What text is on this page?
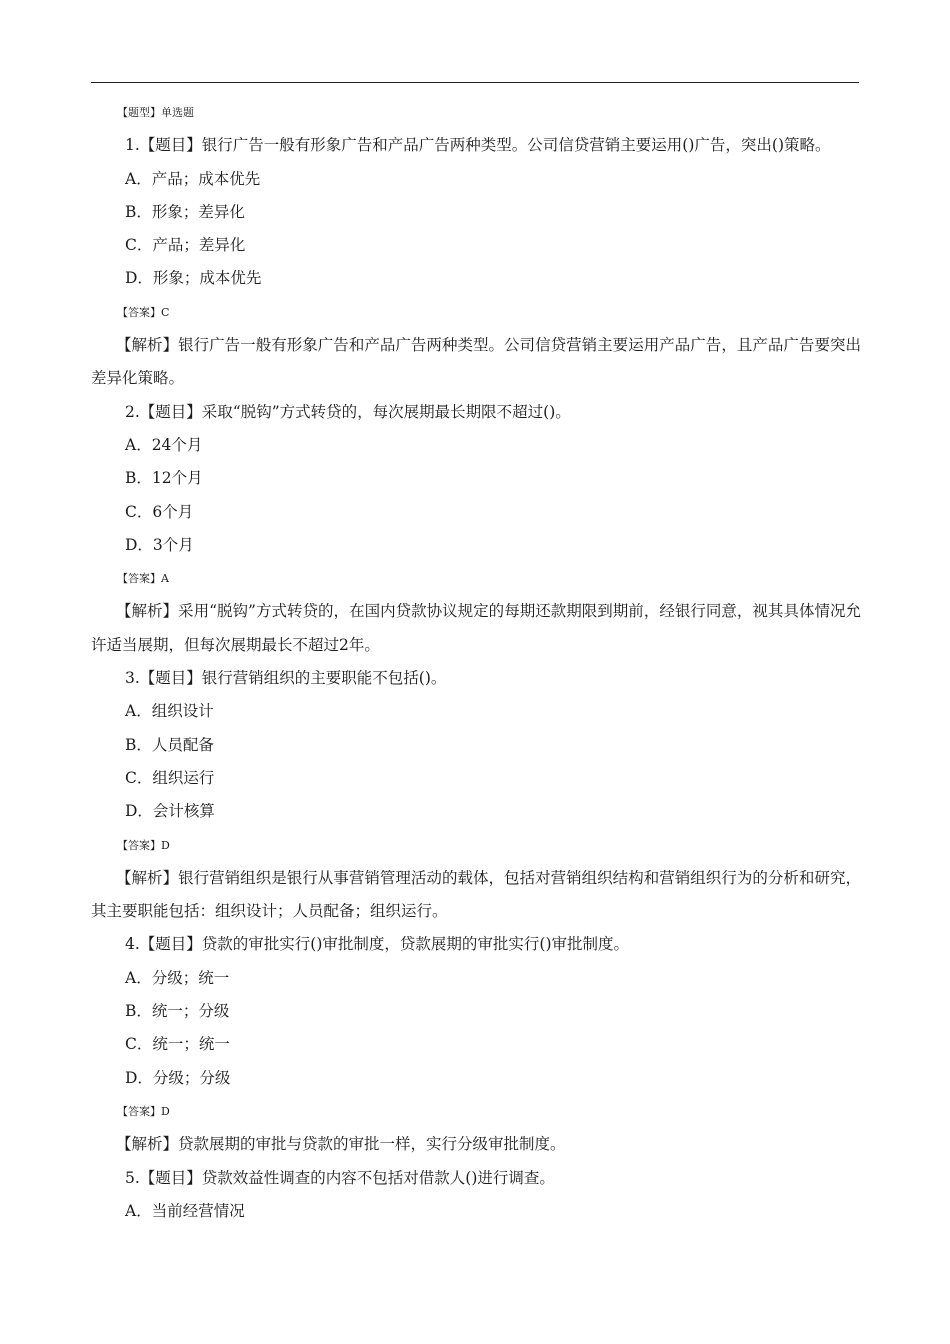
【题型】单选题
1.【题目】银行广告一般有形象广告和产品广告两种类型。公司信贷营销主要运用()广告，突出()策略。
A．产品；成本优先
B．形象；差异化
C．产品；差异化
D．形象；成本优先
【答案】C
【解析】银行广告一般有形象广告和产品广告两种类型。公司信贷营销主要运用产品广告，且产品广告要突出差异化策略。
2.【题目】采取“脱钩”方式转贷的，每次展期最长期限不超过()。
A．24个月
B．12个月
C．6个月
D．3个月
【答案】A
【解析】采用“脱钩”方式转贷的，在国内贷款协议规定的每期还款期限到期前，经银行同意，视其具体情况允许适当展期，但每次展期最长不超过2年。
3.【题目】银行营销组织的主要职能不包括()。
A．组织设计
B．人员配备
C．组织运行
D．会计核算
【答案】D
【解析】银行营销组织是银行从事营销管理活动的载体，包括对营销组织结构和营销组织行为的分析和研究，其主要职能包括：组织设计；人员配备；组织运行。
4.【题目】贷款的审批实行()审批制度，贷款展期的审批实行()审批制度。
A．分级；统一
B．统一；分级
C．统一；统一
D．分级；分级
【答案】D
【解析】贷款展期的审批与贷款的审批一样，实行分级审批制度。
5.【题目】贷款效益性调查的内容不包括对借款人()进行调查。
A．当前经营情况
